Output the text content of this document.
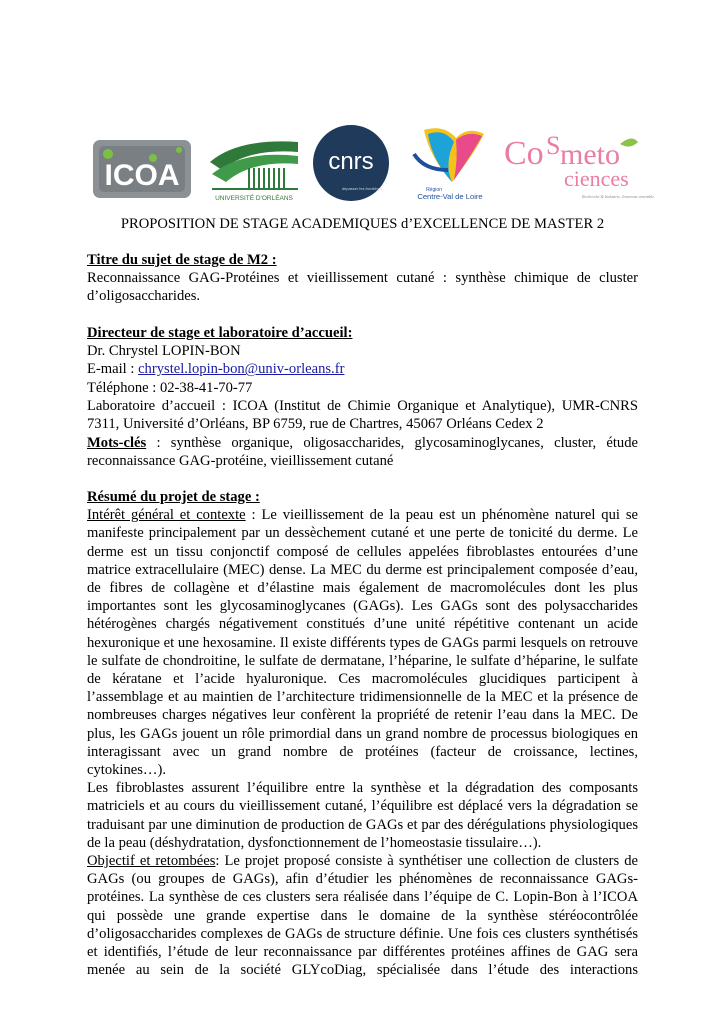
ICOA
UNIVERSITÉ D'ORLÉANS
cnrs
dépasser les frontières	Région
Centre-Val de Loire
Co S meto
ciences
Recherche & Industrie, Innovons ensemble
PROPOSITION DE STAGE ACADEMIQUES d’EXCELLENCE DE MASTER 2
Titre du sujet de stage de M2 :
Reconnaissance GAG-Protéines et vieillissement cutané : synthèse chimique de cluster
d’oligosaccharides.
Directeur de stage et laboratoire d’accueil:
Dr. Chrystel LOPIN-BON
E-mail : chrystel.lopin-bon@univ-orleans.fr
Téléphone : 02-38-41-70-77
Laboratoire d’accueil : ICOA (Institut de Chimie Organique et Analytique), UMR-CNRS
7311, Université d’Orléans, BP 6759, rue de Chartres, 45067 Orléans Cedex 2
Mots-clés : synthèse organique, oligosaccharides, glycosaminoglycanes, cluster, étude
reconnaissance GAG-protéine, vieillissement cutané
Résumé du projet de stage :
Intérêt général et contexte : Le vieillissement de la peau est un phénomène naturel qui se
manifeste principalement par un dessèchement cutané et une perte de tonicité du derme. Le
derme est un tissu conjonctif composé de cellules appelées fibroblastes entourées d’une
matrice extracellulaire (MEC) dense. La MEC du derme est principalement composée d’eau,
de fibres de collagène et d’élastine mais également de macromolécules dont les plus
importantes sont les glycosaminoglycanes (GAGs). Les GAGs sont des polysaccharides
hétérogènes chargés négativement constitués d’une unité répétitive contenant un acide
hexuronique et une hexosamine. Il existe différents types de GAGs parmi lesquels on retrouve
le sulfate de chondroitine, le sulfate de dermatane, l’héparine, le sulfate d’héparine, le sulfate
de kératane et l’acide hyaluronique. Ces macromolécules glucidiques participent à
l’assemblage et au maintien de l’architecture tridimensionnelle de la MEC et la présence de
nombreuses charges négatives leur confèrent la propriété de retenir l’eau dans la MEC. De
plus, les GAGs jouent un rôle primordial dans un grand nombre de processus biologiques en
interagissant avec un grand nombre de protéines (facteur de croissance, lectines, cytokines…).
Les fibroblastes assurent l’équilibre entre la synthèse et la dégradation des composants
matriciels et au cours du vieillissement cutané, l’équilibre est déplacé vers la dégradation se
traduisant par une diminution de production de GAGs et par des dérégulations physiologiques
de la peau (déshydratation, dysfonctionnement de l’homeostasie tissulaire…).
Objectif et retombées: Le projet proposé consiste à synthétiser une collection de clusters de
GAGs (ou groupes de GAGs), afin d’étudier les phénomènes de reconnaissance GAGs-
protéines. La synthèse de ces clusters sera réalisée dans l’équipe de C. Lopin-Bon à l’ICOA
qui possède une grande expertise dans le domaine de la synthèse stéréocontrôlée
d’oligosaccharides complexes de GAGs de structure définie. Une fois ces clusters synthétisés
et identifiés, l’étude de leur reconnaissance par différentes protéines affines de GAG sera
menée au sein de la société GLYcoDiag, spécialisée dans l’étude des interactions
